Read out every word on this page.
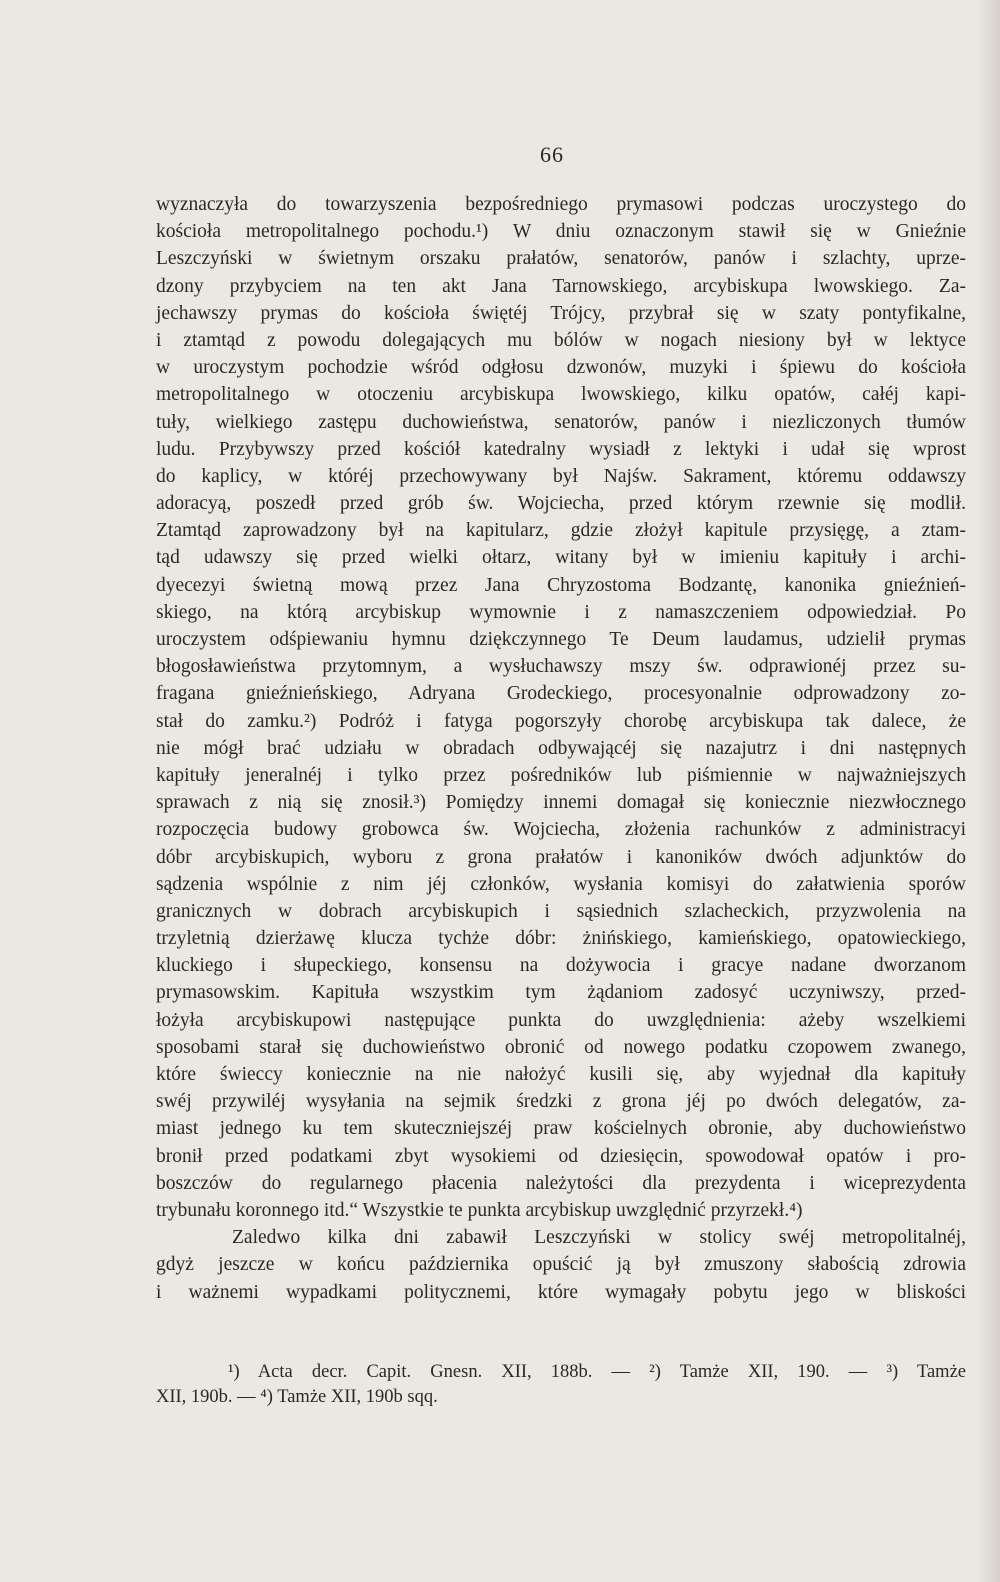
66
wyznaczyła do towarzyszenia bezpośredniego prymasowi podczas uroczystego do
kościoła metropolitalnego pochodu.¹) W dniu oznaczonym stawił się w Gnieźnie
Leszczyński w świetnym orszaku prałatów, senatorów, panów i szlachty, uprze-
dzony przybyciem na ten akt Jana Tarnowskiego, arcybiskupa lwowskiego. Za-
jechawszy prymas do kościoła świętéj Trójcy, przybrał się w szaty pontyfikalne,
i ztamtąd z powodu dolegających mu bólów w nogach niesiony był w lektyce
w uroczystym pochodzie wśród odgłosu dzwonów, muzyki i śpiewu do kościoła
metropolitalnego w otoczeniu arcybiskupa lwowskiego, kilku opatów, całéj kapi-
tuły, wielkiego zastępu duchowieństwa, senatorów, panów i niezliczonych tłumów
ludu. Przybywszy przed kościół katedralny wysiadł z lektyki i udał się wprost
do kaplicy, w któréj przechowywany był Najśw. Sakrament, któremu oddawszy
adoracyą, poszedł przed grób św. Wojciecha, przed którym rzewnie się modlił.
Ztamtąd zaprowadzony był na kapitularz, gdzie złożył kapitule przysięgę, a ztam-
tąd udawszy się przed wielki ołtarz, witany był w imieniu kapituły i archi-
dyecezyi świetną mową przez Jana Chryzostoma Bodzantę, kanonika gnieźnień-
skiego, na którą arcybiskup wymownie i z namaszczeniem odpowiedział. Po
uroczystem odśpiewaniu hymnu dziękczynnego Te Deum laudamus, udzielił prymas
błogosławieństwa przytomnym, a wysłuchawszy mszy św. odprawionéj przez su-
fragana gnieźnieńskiego, Adryana Grodeckiego, procesyonalnie odprowadzony zo-
stał do zamku.²) Podróż i fatyga pogorszyły chorobę arcybiskupa tak dalece, że
nie mógł brać udziału w obradach odbywającéj się nazajutrz i dni następnych
kapituły jeneralnéj i tylko przez pośredników lub piśmiennie w najważniejszych
sprawach z nią się znosił.³) Pomiędzy innemi domagał się koniecznie niezwłocznego
rozpoczęcia budowy grobowca św. Wojciecha, złożenia rachunków z administracyi
dóbr arcybiskupich, wyboru z grona prałatów i kanoników dwóch adjunktów do
sądzenia wspólnie z nim jéj członków, wysłania komisyi do załatwienia sporów
granicznych w dobrach arcybiskupich i sąsiednich szlacheckich, przyzwolenia na
trzyletnią dzierżawę klucza tychże dóbr: żnińskiego, kamieńskiego, opatowieckiego,
kluckiego i słupeckiego, konsensu na dożywocia i gracye nadane dworzanom
prymasowskim. Kapituła wszystkim tym żądaniom zadosyć uczyniwszy, przed-
łożyła arcybiskupowi następujące punkta do uwzględnienia: ażeby wszelkiemi
sposobami starał się duchowieństwo obronić od nowego podatku czopowem zwanego,
które świeccy koniecznie na nie nałożyć kusili się, aby wyjednał dla kapituły
swéj przywiléj wysyłania na sejmik średzki z grona jéj po dwóch delegatów, za-
miast jednego ku tem skuteczniejszéj praw kościelnych obronie, aby duchowieństwo
bronił przed podatkami zbyt wysokiemi od dziesięcin, spowodował opatów i pro-
boszczów do regularnego płacenia należytości dla prezydenta i wiceprezydenta
trybunału koronnego itd.“ Wszystkie te punkta arcybiskup uwzględnić przyrzekł.⁴)
Zaledwo kilka dni zabawił Leszczyński w stolicy swéj metropolitalnéj,
gdyż jeszcze w końcu października opuścić ją był zmuszony słabością zdrowia
i ważnemi wypadkami politycznemi, które wymagały pobytu jego w bliskości
¹) Acta decr. Capit. Gnesn. XII, 188b. — ²) Tamże XII, 190. — ³) Tamże
XII, 190b. — ⁴) Tamże XII, 190b sqq.
